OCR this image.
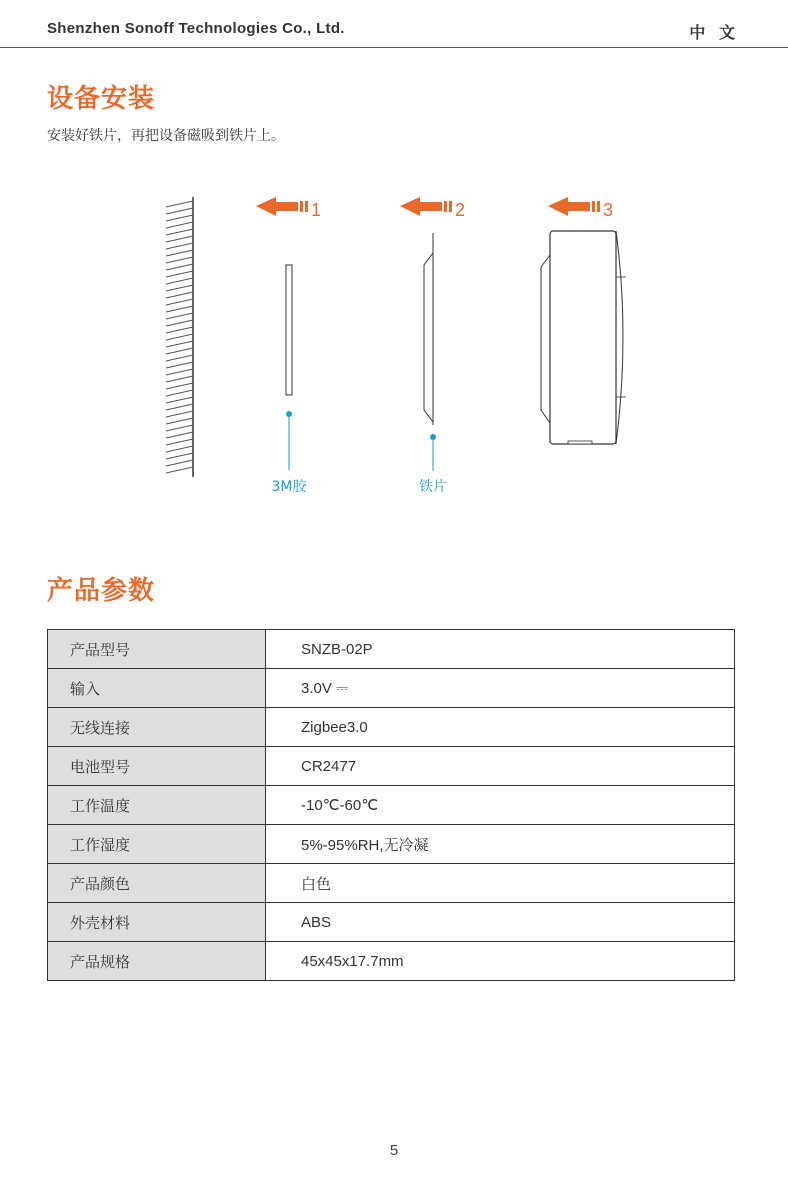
Shenzhen Sonoff Technologies Co., Ltd.	中 文
设备安装
安装好铁片，再把设备磁吸到铁片上。
1
3M胶
2
铁片
3
产品参数
产品型号	SNZB-02P
输入	3.0V ⎓
无线连接	Zigbee3.0
电池型号	CR2477
工作温度	-10℃-60℃
工作湿度	5%-95%RH,无冷凝
产品颜色	白色
外壳材料	ABS
产品规格	45x45x17.7mm
5
